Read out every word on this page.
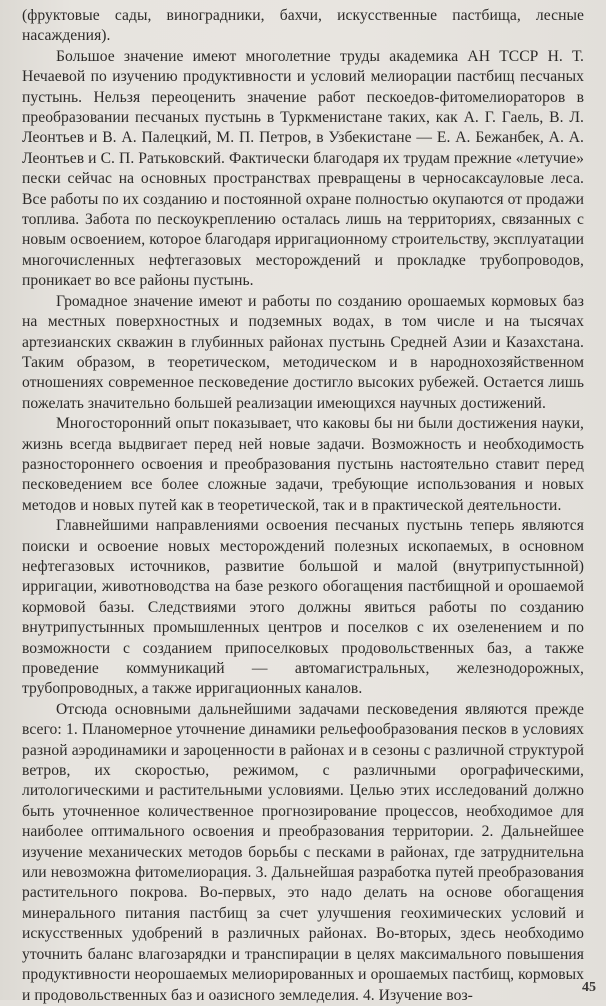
(фруктовые сады, виноградники, бахчи, искусственные пастбища, лесные насаждения).

Большое значение имеют многолетние труды академика АН ТССР Н. Т. Нечаевой по изучению продуктивности и условий мелиорации пастбищ песчаных пустынь. Нельзя переоценить значение работ пескоедов-фитомелиораторов в преобразовании песчаных пустынь в Туркменистане таких, как А. Г. Гаель, В. Л. Леонтьев и В. А. Палецкий, М. П. Петров, в Узбекистане — Е. А. Бежанбек, А. А. Леонтьев и С. П. Ратьковский. Фактически благодаря их трудам прежние «летучие» пески сейчас на основных пространствах превращены в черносаксауловые леса. Все работы по их созданию и постоянной охране полностью окупаются от продажи топлива. Забота по пескоукреплению осталась лишь на территориях, связанных с новым освоением, которое благодаря ирригационному строительству, эксплуатации многочисленных нефтегазовых месторождений и прокладке трубопроводов, проникает во все районы пустынь.

Громадное значение имеют и работы по созданию орошаемых кормовых баз на местных поверхностных и подземных водах, в том числе и на тысячах артезианских скважин в глубинных районах пустынь Средней Азии и Казахстана. Таким образом, в теоретическом, методическом и в народнохозяйственном отношениях современное песковедение достигло высоких рубежей. Остается лишь пожелать значительно большей реализации имеющихся научных достижений.

Многосторонний опыт показывает, что каковы бы ни были достижения науки, жизнь всегда выдвигает перед ней новые задачи. Возможность и необходимость разностороннего освоения и преобразования пустынь настоятельно ставит перед песковедением все более сложные задачи, требующие использования и новых методов и новых путей как в теоретической, так и в практической деятельности.

Главнейшими направлениями освоения песчаных пустынь теперь являются поиски и освоение новых месторождений полезных ископаемых, в основном нефтегазовых источников, развитие большой и малой (внутрипустынной) ирригации, животноводства на базе резкого обогащения пастбищной и орошаемой кормовой базы. Следствиями этого должны явиться работы по созданию внутрипустынных промышленных центров и поселков с их озеленением и по возможности с созданием припоселковых продовольственных баз, а также проведение коммуникаций — автомагистральных, железнодорожных, трубопроводных, а также ирригационных каналов.

Отсюда основными дальнейшими задачами песковедения являются прежде всего: 1. Планомерное уточнение динамики рельефообразования песков в условиях разной аэродинамики и зароценности в районах и в сезоны с различной структурой ветров, их скоростью, режимом, с различными орографическими, литологическими и растительными условиями. Целью этих исследований должно быть уточненное количественное прогнозирование процессов, необходимое для наиболее оптимального освоения и преобразования территории. 2. Дальнейшее изучение механических методов борьбы с песками в районах, где затруднительна или невозможна фитомелиорация. 3. Дальнейшая разработка путей преобразования растительного покрова. Во-первых, это надо делать на основе обогащения минерального питания пастбищ за счет улучшения геохимических условий и искусственных удобрений в различных районах. Во-вторых, здесь необходимо уточнить баланс влагозарядки и транспирации в целях максимального повышения продуктивности неорошаемых мелиорированных и орошаемых пастбищ, кормовых и продовольственных баз и оазисного земледелия. 4. Изучение воз-	45
